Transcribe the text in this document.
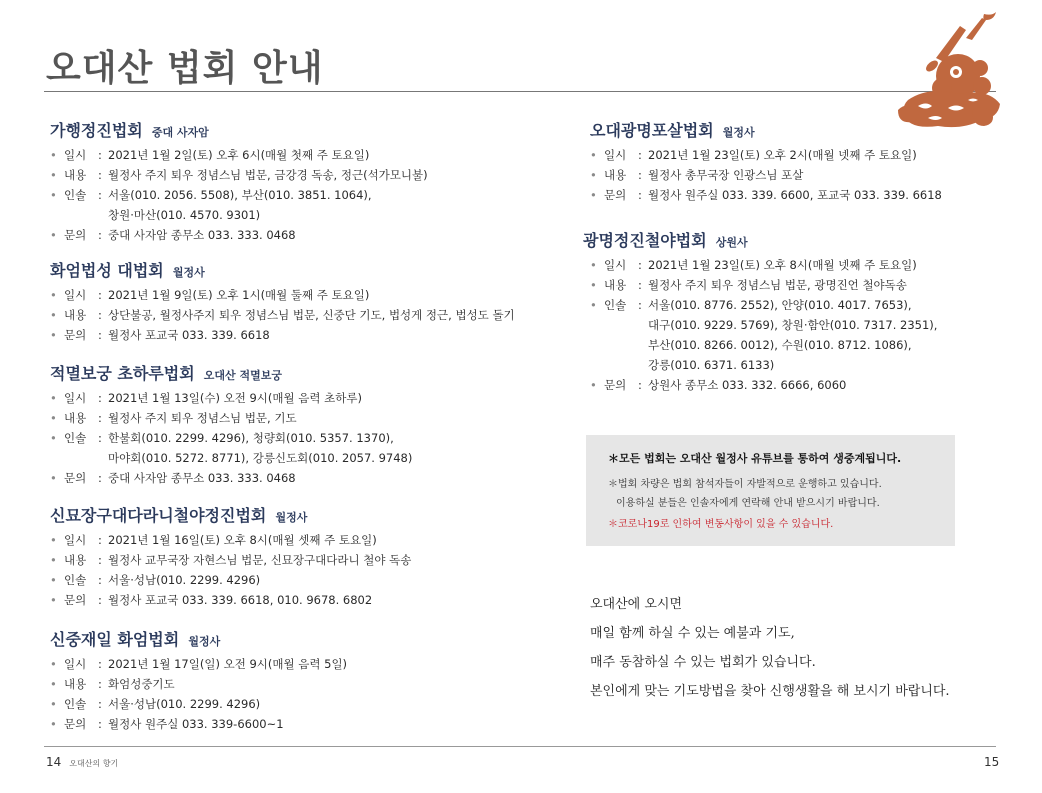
오대산 법회 안내
가행정진법회 중대 사자암
• 일시	: 2021년 1월 2일(토) 오후 6시(매월 첫째 주 토요일)
• 내용	: 월정사 주지 퇴우 정념스님 법문, 금강경 독송, 정근(석가모니불)
• 인솔	: 서울(010. 2056. 5508), 부산(010. 3851. 1064),
창원·마산(010. 4570. 9301)
• 문의	: 중대 사자암 종무소 033. 333. 0468
화엄법성 대법회 월정사
• 일시	: 2021년 1월 9일(토) 오후 1시(매월 둘째 주 토요일)
• 내용	: 상단불공, 월정사주지 퇴우 정념스님 법문, 신중단 기도, 법성게 정근, 법성도 돌기
• 문의	: 월정사 포교국 033. 339. 6618
적멸보궁 초하루법회 오대산 적멸보궁
• 일시	: 2021년 1월 13일(수) 오전 9시(매월 음력 초하루)
• 내용	: 월정사 주지 퇴우 정념스님 법문, 기도
• 인솔	: 한불회(010. 2299. 4296), 청량회(010. 5357. 1370),
마야회(010. 5272. 8771), 강릉신도회(010. 2057. 9748)
• 문의	: 중대 사자암 종무소 033. 333. 0468
신묘장구대다라니철야정진법회 월정사
• 일시	: 2021년 1월 16일(토) 오후 8시(매월 셋째 주 토요일)
• 내용	: 월정사 교무국장 자현스님 법문, 신묘장구대다라니 철야 독송
• 인솔	: 서울·성남(010. 2299. 4296)
• 문의	: 월정사 포교국 033. 339. 6618, 010. 9678. 6802
신중재일 화엄법회 월정사
• 일시	: 2021년 1월 17일(일) 오전 9시(매월 음력 5일)
• 내용	: 화엄성중기도
• 인솔	: 서울·성남(010. 2299. 4296)
• 문의	: 월정사 원주실 033. 339-6600~1
오대광명포살법회 월정사
• 일시	: 2021년 1월 23일(토) 오후 2시(매월 넷째 주 토요일)
• 내용	: 월정사 총무국장 인광스님 포살
• 문의	: 월정사 원주실 033. 339. 6600, 포교국 033. 339. 6618
광명정진철야법회 상원사
• 일시	: 2021년 1월 23일(토) 오후 8시(매월 넷째 주 토요일)
• 내용	: 월정사 주지 퇴우 정념스님 법문, 광명진언 철야독송
• 인솔	: 서울(010. 8776. 2552), 안양(010. 4017. 7653),
대구(010. 9229. 5769), 창원·함안(010. 7317. 2351),
부산(010. 8266. 0012), 수원(010. 8712. 1086),
강릉(010. 6371. 6133)
• 문의	: 상원사 종무소 033. 332. 6666, 6060
＊모든 법회는 오대산 월정사 유튜브를 통하여 생중계됩니다.
＊법회 차량은 법회 참석자들이 자발적으로 운행하고 있습니다.
이용하실 분들은 인솔자에게 연락해 안내 받으시기 바랍니다.
＊코로나19로 인하여 변동사항이 있을 수 있습니다.
오대산에 오시면
매일 함께 하실 수 있는 예불과 기도,
매주 동참하실 수 있는 법회가 있습니다.
본인에게 맞는 기도방법을 찾아 신행생활을 해 보시기 바랍니다.
14 오대산의 향기	15
